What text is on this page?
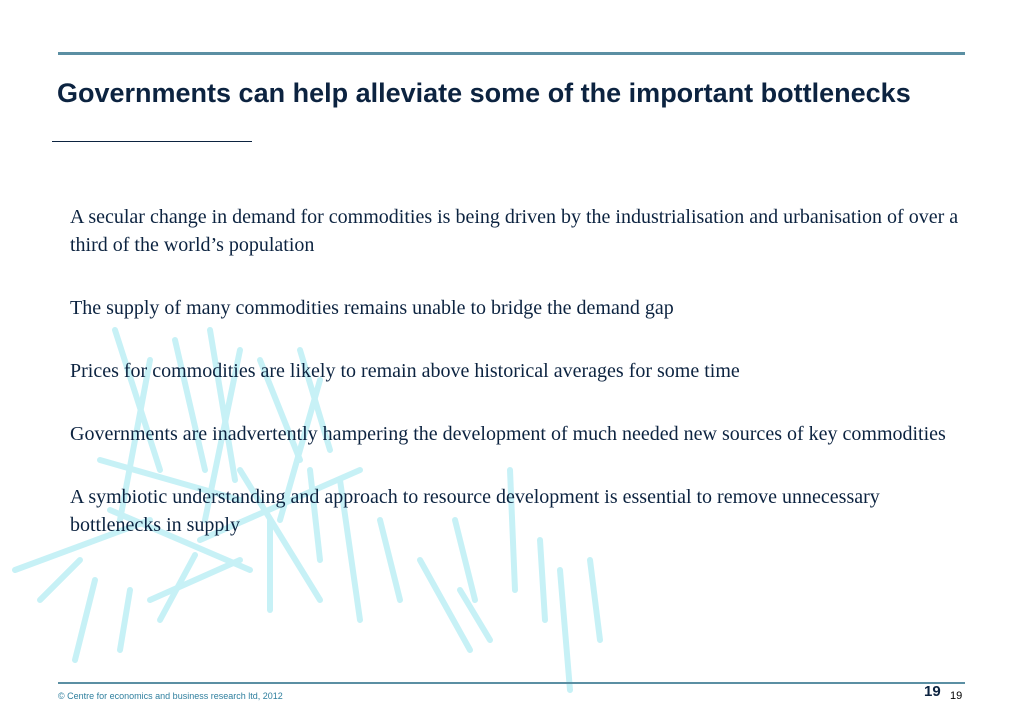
Governments can help alleviate some of the important bottlenecks
A secular change in demand for commodities is being driven by the industrialisation and urbanisation of over a third of the world’s population
The supply of many commodities remains unable to bridge the demand gap
Prices for commodities are likely to remain above historical averages for some time
Governments are inadvertently hampering the development of much needed new sources of key commodities
A symbiotic understanding and approach to resource development is essential to remove unnecessary bottlenecks in supply
© Centre for economics and business research ltd, 2012	19 19
